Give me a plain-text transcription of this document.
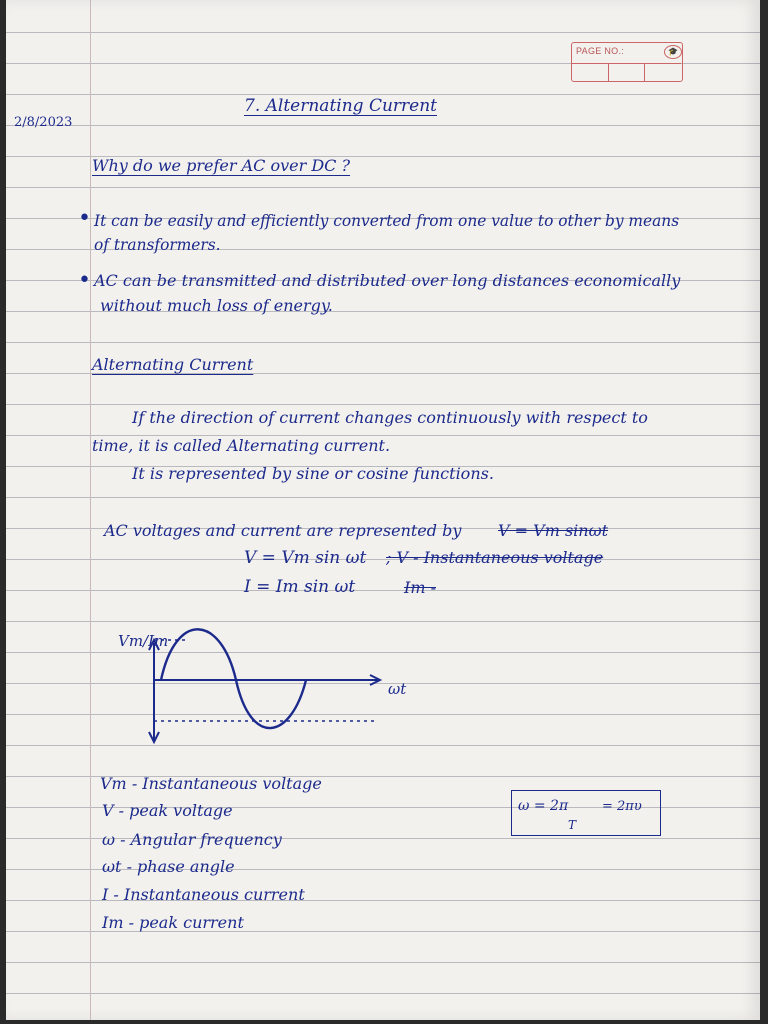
PAGE NO.:	🎓
2/8/2023
7. Alternating Current
Why do we prefer AC over DC ?
• It can be easily and efficiently converted from one value to other by means
of transformers.
• AC can be transmitted and distributed over long distances economically
without much loss of energy.
Alternating Current
If the direction of current changes continuously with respect to
time, it is called Alternating current.
It is represented by sine or cosine functions.
AC voltages and current are represented by V = Vm sinωt
V = Vm sin ωt ; V - Instantaneous voltage
I = Im sin ωt	Im -
Vm/Im
ωt
Vm - Instantaneous voltage
V - peak voltage
ω - Angular frequency
ωt - phase angle
I - Instantaneous current
Im - peak current
ω = 2π
T
= 2πυ
